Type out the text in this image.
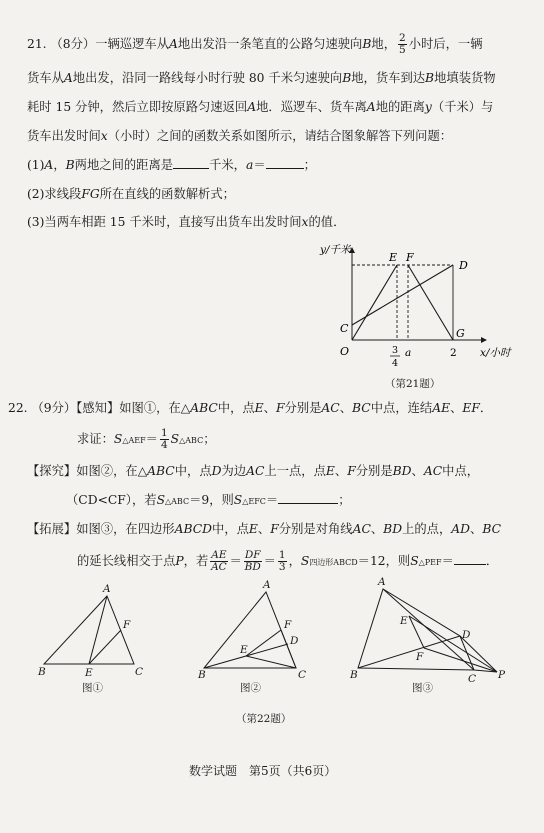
21. （8分）一辆巡逻车从A地出发沿一条笔直的公路匀速驶向B地， $\frac{2}{5}$ 小时后，一辆
货车从A地出发，沿同一路线每小时行驶 80 千米匀速驶向B地，货车到达B地填装货物
耗时 15 分钟，然后立即按原路匀速返回A地．巡逻车、货车离A地的距离y（千米）与
货车出发时间x（小时）之间的函数关系如图所示，请结合图象解答下列问题：
(1)A，B两地之间的距离是	千米，a＝	；
(2)求线段FG所在直线的函数解析式；
(3)当两车相距 15 千米时，直接写出货车出发时间x的值．
y/千米
x/小时
E F
D
C	G
O	3
4
a	2
（第21题）
22. （9分）【感知】如图①，在△ABC中，点E、F分别是AC、BC中点，连结AE、EF．
求证：S△AEF＝ $\frac{1}{4}$ S△ABC；
【探究】如图②，在△ABC中，点D为边AC上一点，点E、F分别是BD、AC中点，
（CD<CF），若S△ABC＝9，则S△EFC＝	；
【拓展】如图③，在四边形ABCD中，点E、F分别是对角线AC、BD上的点，AD、BC
的延长线相交于点P，若 $\frac{AE}{AC} = \frac{DF}{BD} = \frac{1}{3}$ ，S四边形ABCD＝12，则S△PEF＝	．
A
B	C
E
F
A
B	C
D
E
F
A
B	C
D
E
F
P
图①	图②	图③
（第22题）
数学试题　第5页（共6页）
